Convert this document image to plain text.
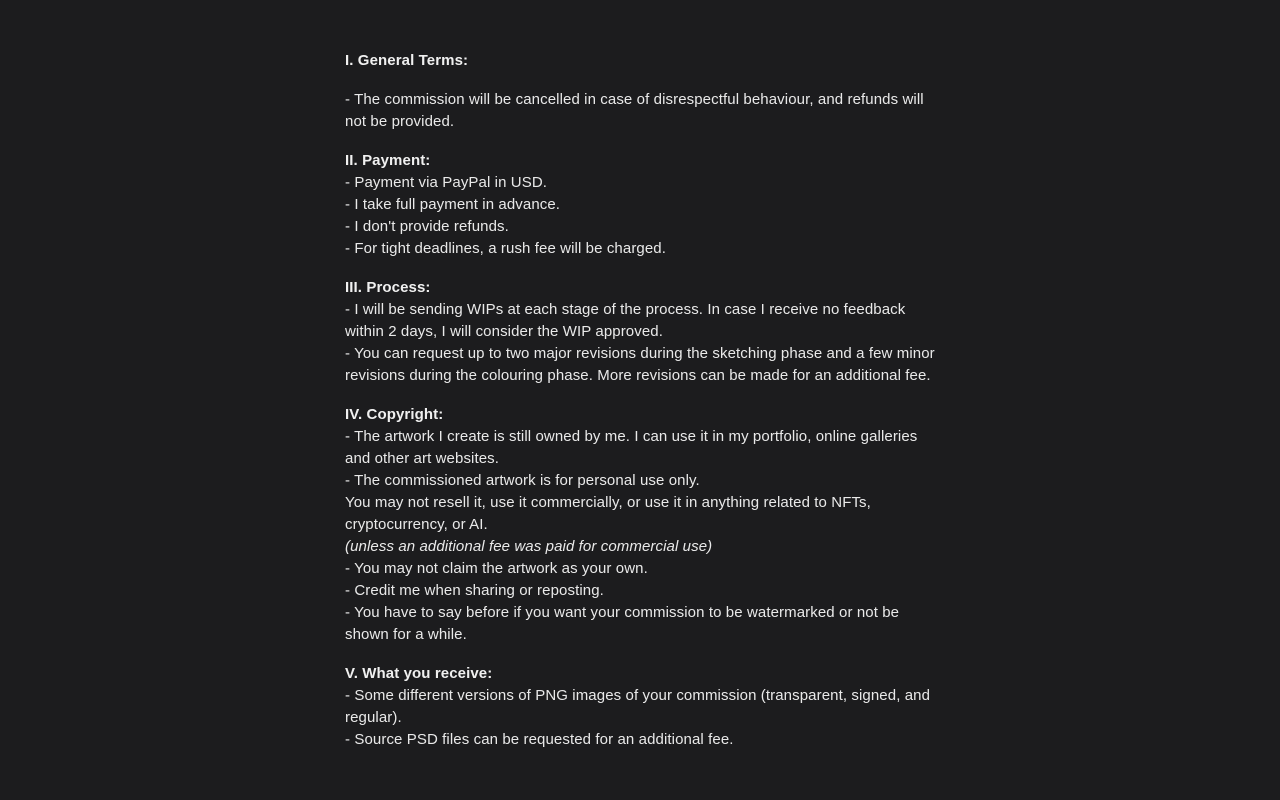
I. General Terms:
- The commission will be cancelled in case of disrespectful behaviour, and refunds will
not be provided.
II. Payment:
- Payment via PayPal in USD.
- I take full payment in advance.
- I don't provide refunds.
- For tight deadlines, a rush fee will be charged.
III. Process:
- I will be sending WIPs at each stage of the process. In case I receive no feedback
within 2 days, I will consider the WIP approved.
- You can request up to two major revisions during the sketching phase and a few minor
revisions during the colouring phase. More revisions can be made for an additional fee.
IV. Copyright:
- The artwork I create is still owned by me. I can use it in my portfolio, online galleries
and other art websites.
- The commissioned artwork is for personal use only.
You may not resell it, use it commercially, or use it in anything related to NFTs,
cryptocurrency, or AI.
(unless an additional fee was paid for commercial use)
- You may not claim the artwork as your own.
- Credit me when sharing or reposting.
- You have to say before if you want your commission to be watermarked or not be
shown for a while.
V. What you receive:
- Some different versions of PNG images of your commission (transparent, signed, and
regular).
- Source PSD files can be requested for an additional fee.
